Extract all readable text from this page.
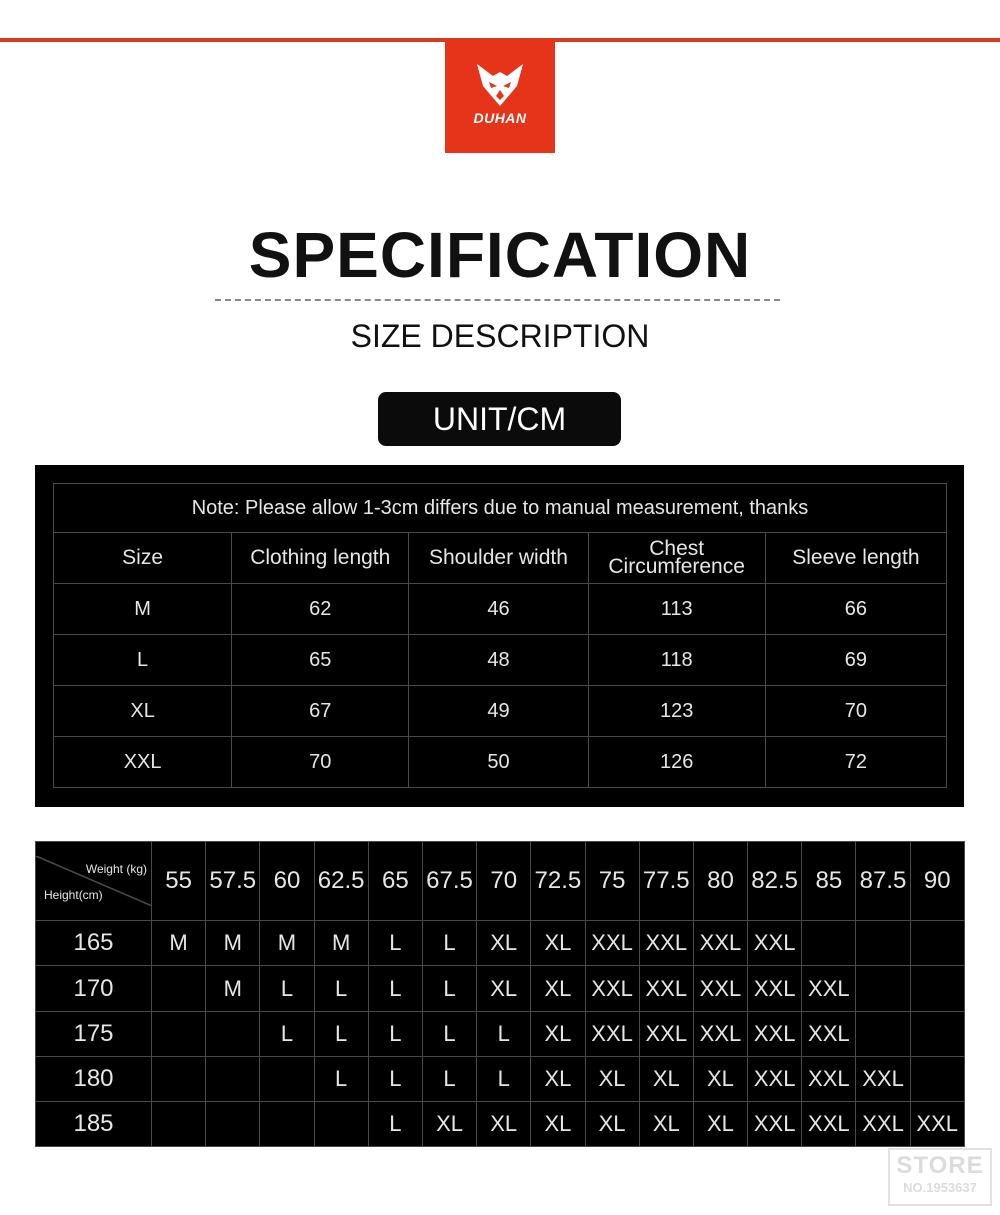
DUHAN
SPECIFICATION
SIZE DESCRIPTION
UNIT/CM
Note: Please allow 1-3cm differs due to manual measurement, thanks				
Size	Clothing length	Shoulder width	Chest Circumference	Sleeve length
M	62	46	113	66
L	65	48	118	69
XL	67	49	123	70
XXL	70	50	126	72
Weight (kg)
Height(cm)	55	57.5	60	62.5	65	67.5	70	72.5	75	77.5	80	82.5	85	87.5	90
165	M	M	M	M	L	L	XL	XL	XXL	XXL	XXL	XXL			
170		M	L	L	L	L	XL	XL	XXL	XXL	XXL	XXL	XXL		
175			L	L	L	L	L	XL	XXL	XXL	XXL	XXL	XXL		
180				L	L	L	L	XL	XL	XL	XL	XXL	XXL	XXL	
185					L	XL	XL	XL	XL	XL	XL	XXL	XXL	XXL	XXL
STORE
NO.1953637
